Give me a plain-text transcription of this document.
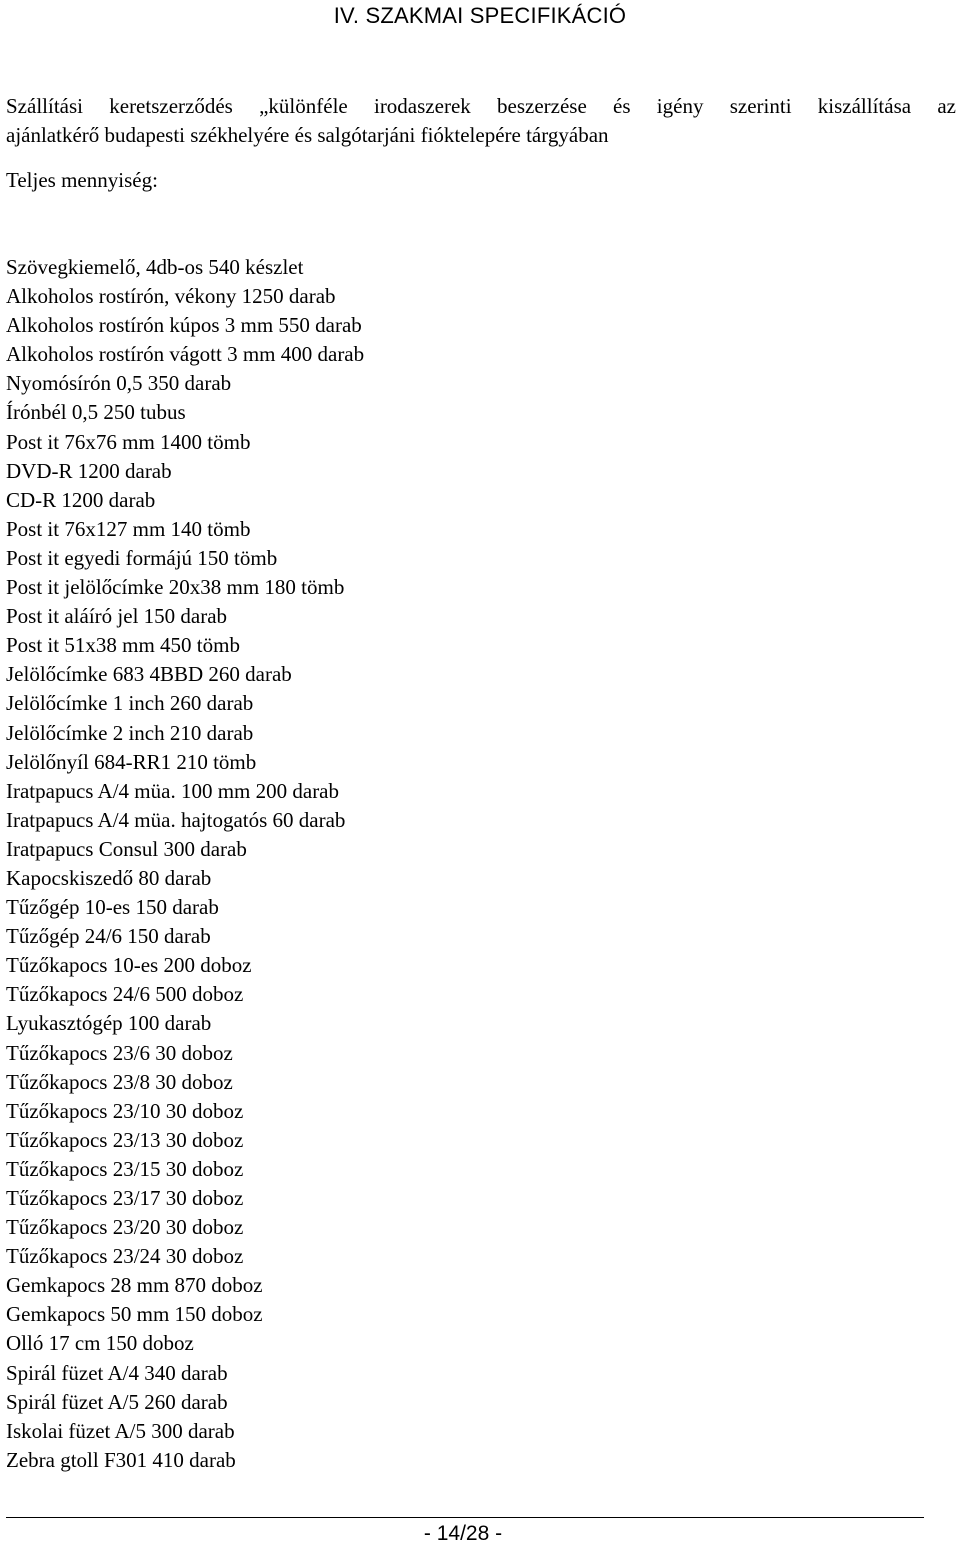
IV. SZAKMAI SPECIFIKÁCIÓ
Szállítási keretszerződés „különféle irodaszerek beszerzése és igény szerinti kiszállítása az
ajánlatkérő budapesti székhelyére és salgótarjáni fióktelepére tárgyában
Teljes mennyiség:
Szövegkiemelő, 4db-os 540 készlet
Alkoholos rostírón, vékony 1250 darab
Alkoholos rostírón kúpos 3 mm 550 darab
Alkoholos rostírón vágott 3 mm 400 darab
Nyomósírón 0,5 350 darab
Írónbél 0,5 250 tubus
Post it 76x76 mm 1400 tömb
DVD-R 1200 darab
CD-R 1200 darab
Post it 76x127 mm 140 tömb
Post it egyedi formájú 150 tömb
Post it jelölőcímke 20x38 mm 180 tömb
Post it aláíró jel 150 darab
Post it 51x38 mm 450 tömb
Jelölőcímke 683 4BBD 260 darab
Jelölőcímke 1 inch 260 darab
Jelölőcímke 2 inch 210 darab
Jelölőnyíl 684-RR1 210 tömb
Iratpapucs A/4 müa. 100 mm 200 darab
Iratpapucs A/4 müa. hajtogatós 60 darab
Iratpapucs Consul 300 darab
Kapocskiszedő 80 darab
Tűzőgép 10-es 150 darab
Tűzőgép 24/6 150 darab
Tűzőkapocs 10-es 200 doboz
Tűzőkapocs 24/6 500 doboz
Lyukasztógép 100 darab
Tűzőkapocs 23/6 30 doboz
Tűzőkapocs 23/8 30 doboz
Tűzőkapocs 23/10 30 doboz
Tűzőkapocs 23/13 30 doboz
Tűzőkapocs 23/15 30 doboz
Tűzőkapocs 23/17 30 doboz
Tűzőkapocs 23/20 30 doboz
Tűzőkapocs 23/24 30 doboz
Gemkapocs 28 mm 870 doboz
Gemkapocs 50 mm 150 doboz
Olló 17 cm 150 doboz
Spirál füzet A/4 340 darab
Spirál füzet A/5 260 darab
Iskolai füzet A/5 300 darab
Zebra gtoll F301 410 darab
- 14/28 -
